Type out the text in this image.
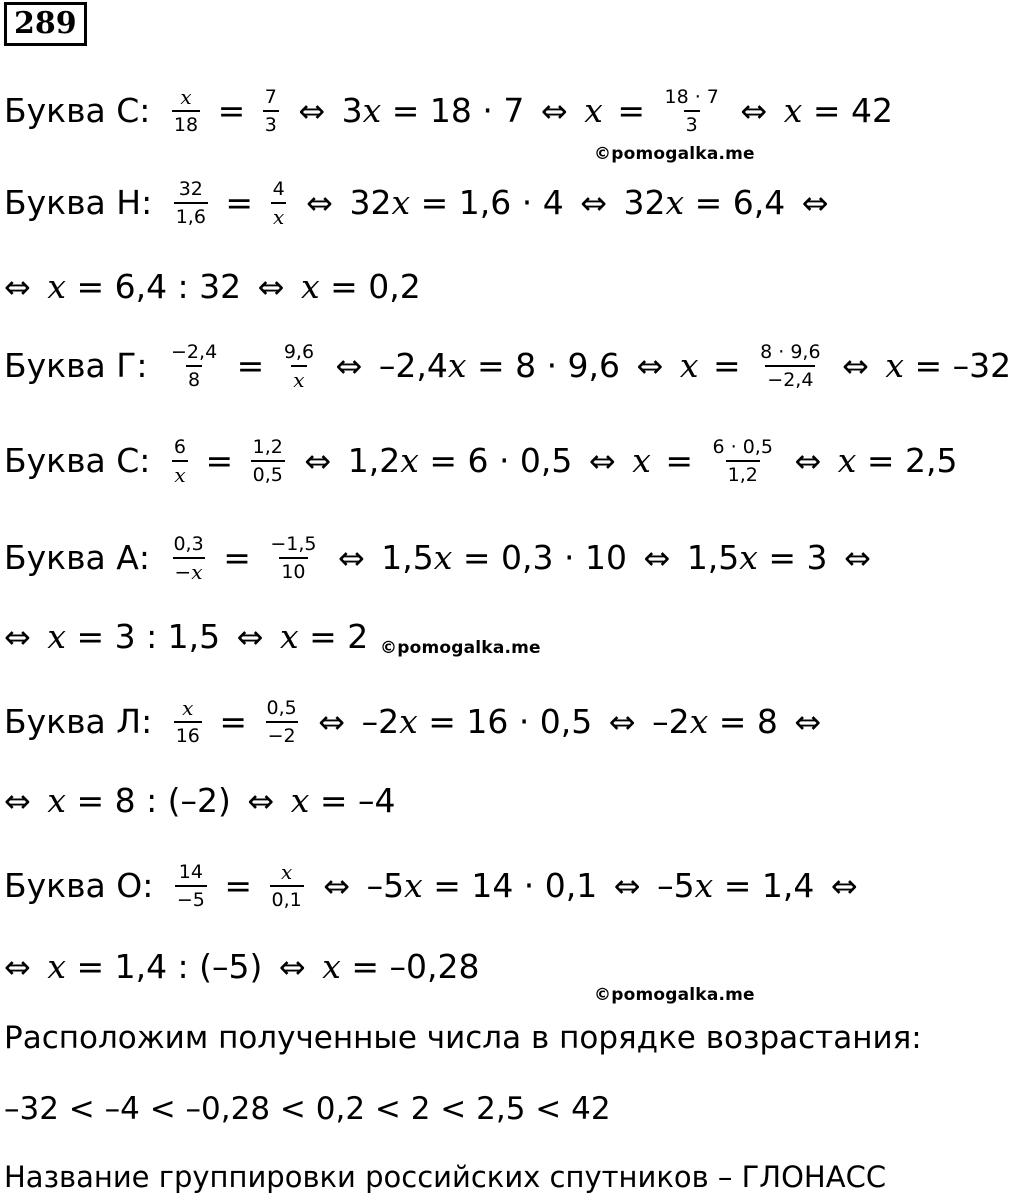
289
Буква С: $\frac{x}{18} = \frac{7}{3}$ ⇔ 3x = 18 · 7 ⇔ $x = \frac{18 \cdot 7}{3}$ ⇔ x = 42
©pomogalka.me
Буква Н: $\frac{32}{1,6} = \frac{4}{x}$ ⇔ 32x = 1,6 · 4 ⇔ 32x = 6,4 ⇔
⇔ x = 6,4 : 32 ⇔ x = 0,2
Буква Г: $\frac{-2,4}{8} = \frac{9,6}{x}$ ⇔ –2,4x = 8 · 9,6 ⇔ $x = \frac{8 \cdot 9,6}{-2,4}$ ⇔ x = –32
Буква С: $\frac{6}{x} = \frac{1,2}{0,5}$ ⇔ 1,2x = 6 · 0,5 ⇔ $x = \frac{6 \cdot 0,5}{1,2}$ ⇔ x = 2,5
Буква А: $\frac{0,3}{-x} = \frac{-1,5}{10}$ ⇔ 1,5x = 0,3 · 10 ⇔ 1,5x = 3 ⇔
⇔ x = 3 : 1,5 ⇔ x = 2 ©pomogalka.me
Буква Л: $\frac{x}{16} = \frac{0,5}{-2}$ ⇔ –2x = 16 · 0,5 ⇔ –2x = 8 ⇔
⇔ x = 8 : (–2) ⇔ x = –4
Буква О: $\frac{14}{-5} = \frac{x}{0,1}$ ⇔ –5x = 14 · 0,1 ⇔ –5x = 1,4 ⇔
⇔ x = 1,4 : (–5) ⇔ x = –0,28
©pomogalka.me
Расположим полученные числа в порядке возрастания:
–32 < –4 < –0,28 < 0,2 < 2 < 2,5 < 42
Название группировки российских спутников – ГЛОНАСС
